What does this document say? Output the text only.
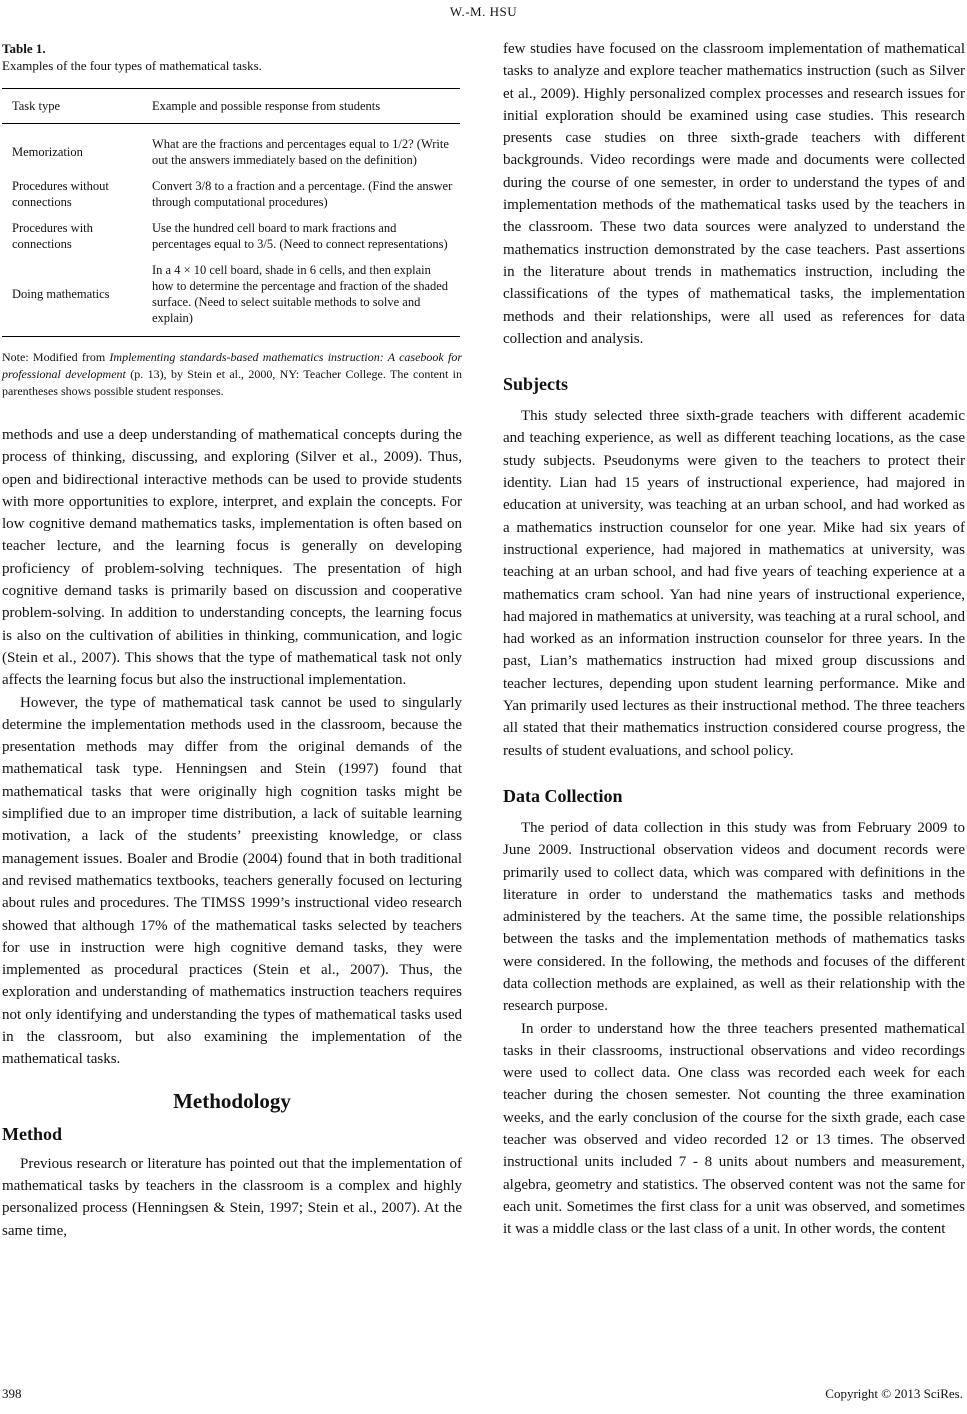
W.-M. HSU
Table 1.
Examples of the four types of mathematical tasks.
Task type	Example and possible response from students
Memorization	What are the fractions and percentages equal to 1/2? (Write out the answers immediately based on the definition)
Procedures without connections	Convert 3/8 to a fraction and a percentage. (Find the answer through computational procedures)
Procedures with connections	Use the hundred cell board to mark fractions and percentages equal to 3/5. (Need to connect representations)
Doing mathematics	In a 4 × 10 cell board, shade in 6 cells, and then explain how to determine the percentage and fraction of the shaded surface. (Need to select suitable methods to solve and explain)
Note: Modified from Implementing standards-based mathematics instruction: A casebook for professional development (p. 13), by Stein et al., 2000, NY: Teacher College. The content in parentheses shows possible student responses.

methods and use a deep understanding of mathematical concepts during the process of thinking, discussing, and exploring (Silver et al., 2009). Thus, open and bidirectional interactive methods can be used to provide students with more opportunities to explore, interpret, and explain the concepts. For low cognitive demand mathematics tasks, implementation is often based on teacher lecture, and the learning focus is generally on developing proficiency of problem-solving techniques. The presentation of high cognitive demand tasks is primarily based on discussion and cooperative problem-solving. In addition to understanding concepts, the learning focus is also on the cultivation of abilities in thinking, communication, and logic (Stein et al., 2007). This shows that the type of mathematical task not only affects the learning focus but also the instructional implementation.

However, the type of mathematical task cannot be used to singularly determine the implementation methods used in the classroom, because the presentation methods may differ from the original demands of the mathematical task type. Henningsen and Stein (1997) found that mathematical tasks that were originally high cognition tasks might be simplified due to an improper time distribution, a lack of suitable learning motivation, a lack of the students’ preexisting knowledge, or class management issues. Boaler and Brodie (2004) found that in both traditional and revised mathematics textbooks, teachers generally focused on lecturing about rules and procedures. The TIMSS 1999’s instructional video research showed that although 17% of the mathematical tasks selected by teachers for use in instruction were high cognitive demand tasks, they were implemented as procedural practices (Stein et al., 2007). Thus, the exploration and understanding of mathematics instruction teachers requires not only identifying and understanding the types of mathematical tasks used in the classroom, but also examining the implementation of the mathematical tasks.

Methodology
Method

Previous research or literature has pointed out that the implementation of mathematical tasks by teachers in the classroom is a complex and highly personalized process (Henningsen & Stein, 1997; Stein et al., 2007). At the same time,

few studies have focused on the classroom implementation of mathematical tasks to analyze and explore teacher mathematics instruction (such as Silver et al., 2009). Highly personalized complex processes and research issues for initial exploration should be examined using case studies. This research presents case studies on three sixth-grade teachers with different backgrounds. Video recordings were made and documents were collected during the course of one semester, in order to understand the types of and implementation methods of the mathematical tasks used by the teachers in the classroom. These two data sources were analyzed to understand the mathematics instruction demonstrated by the case teachers. Past assertions in the literature about trends in mathematics instruction, including the classifications of the types of mathematical tasks, the implementation methods and their relationships, were all used as references for data collection and analysis.

Subjects

This study selected three sixth-grade teachers with different academic and teaching experience, as well as different teaching locations, as the case study subjects. Pseudonyms were given to the teachers to protect their identity. Lian had 15 years of instructional experience, had majored in education at university, was teaching at an urban school, and had worked as a mathematics instruction counselor for one year. Mike had six years of instructional experience, had majored in mathematics at university, was teaching at an urban school, and had five years of teaching experience at a mathematics cram school. Yan had nine years of instructional experience, had majored in mathematics at university, was teaching at a rural school, and had worked as an information instruction counselor for three years. In the past, Lian’s mathematics instruction had mixed group discussions and teacher lectures, depending upon student learning performance. Mike and Yan primarily used lectures as their instructional method. The three teachers all stated that their mathematics instruction considered course progress, the results of student evaluations, and school policy.

Data Collection

The period of data collection in this study was from February 2009 to June 2009. Instructional observation videos and document records were primarily used to collect data, which was compared with definitions in the literature in order to understand the mathematics tasks and methods administered by the teachers. At the same time, the possible relationships between the tasks and the implementation methods of mathematics tasks were considered. In the following, the methods and focuses of the different data collection methods are explained, as well as their relationship with the research purpose.

In order to understand how the three teachers presented mathematical tasks in their classrooms, instructional observations and video recordings were used to collect data. One class was recorded each week for each teacher during the chosen semester. Not counting the three examination weeks, and the early conclusion of the course for the sixth grade, each case teacher was observed and video recorded 12 or 13 times. The observed instructional units included 7 - 8 units about numbers and measurement, algebra, geometry and statistics. The observed content was not the same for each unit. Sometimes the first class for a unit was observed, and sometimes it was a middle class or the last class of a unit. In other words, the content

398	Copyright © 2013 SciRes.
